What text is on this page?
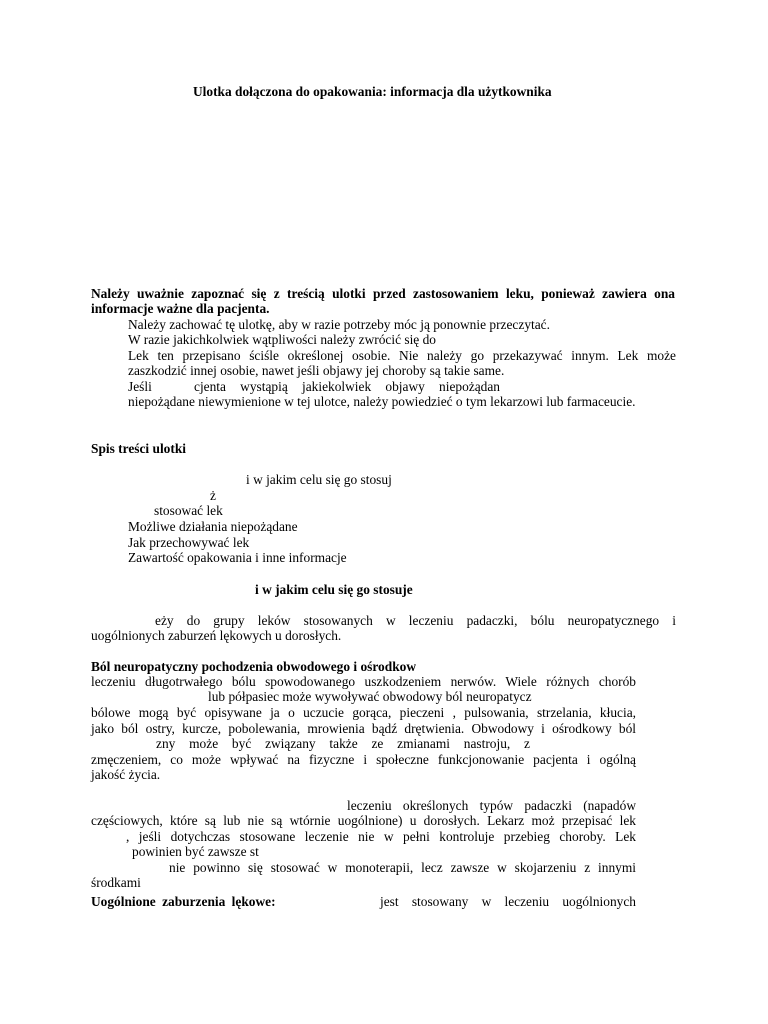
Ulotka dołączona do opakowania: informacja dla użytkownika
Należy uważnie zapoznać się z treścią ulotki przed zastosowaniem leku, ponieważ zawiera ona
informacje ważne dla pacjenta.
Należy zachować tę ulotkę, aby w razie potrzeby móc ją ponownie przeczytać.
W razie jakichkolwiek wątpliwości należy zwrócić się do
Lek ten przepisano ściśle określonej osobie. Nie należy go przekazywać innym. Lek może
zaszkodzić innej osobie, nawet jeśli objawy jej choroby są takie same.
Jeśli	cjenta wystąpią jakiekolwiek objawy niepożądan
niepożądane niewymienione w tej ulotce, należy powiedzieć o tym lekarzowi lub farmaceucie.
Spis treści ulotki
i w jakim celu się go stosuj
ż
stosować lek
Możliwe działania niepożądane
Jak przechowywać lek
Zawartość opakowania i inne informacje
i w jakim celu się go stosuje
eży do grupy leków stosowanych w leczeniu padaczki, bólu neuropatycznego i
uogólnionych zaburzeń lękowych u dorosłych.
Ból neuropatyczny pochodzenia obwodowego i ośrodkow
leczeniu długotrwałego bólu spowodowanego uszkodzeniem nerwów. Wiele różnych chorób
lub półpasiec może wywoływać obwodowy ból neuropatycz
bólowe mogą być opisywane ja o uczucie gorąca, pieczeni , pulsowania, strzelania, kłucia,
jako ból ostry, kurcze, pobolewania, mrowienia bądź drętwienia. Obwodowy i ośrodkowy ból
zny może być związany także ze zmianami nastroju, z
zmęczeniem, co może wpływać na fizyczne i społeczne funkcjonowanie pacjenta i ogólną
jakość życia.
leczeniu określonych typów padaczki (napadów
częściowych, które są lub nie są wtórnie uogólnione) u dorosłych. Lekarz moż przepisać lek
, jeśli dotychczas stosowane leczenie nie w pełni kontroluje przebieg choroby. Lek
powinien być zawsze st
nie powinno się stosować w monoterapii, lecz zawsze w skojarzeniu z innymi
środkami
Uogólnione zaburzenia lękowe:	jest stosowany w leczeniu uogólnionych
